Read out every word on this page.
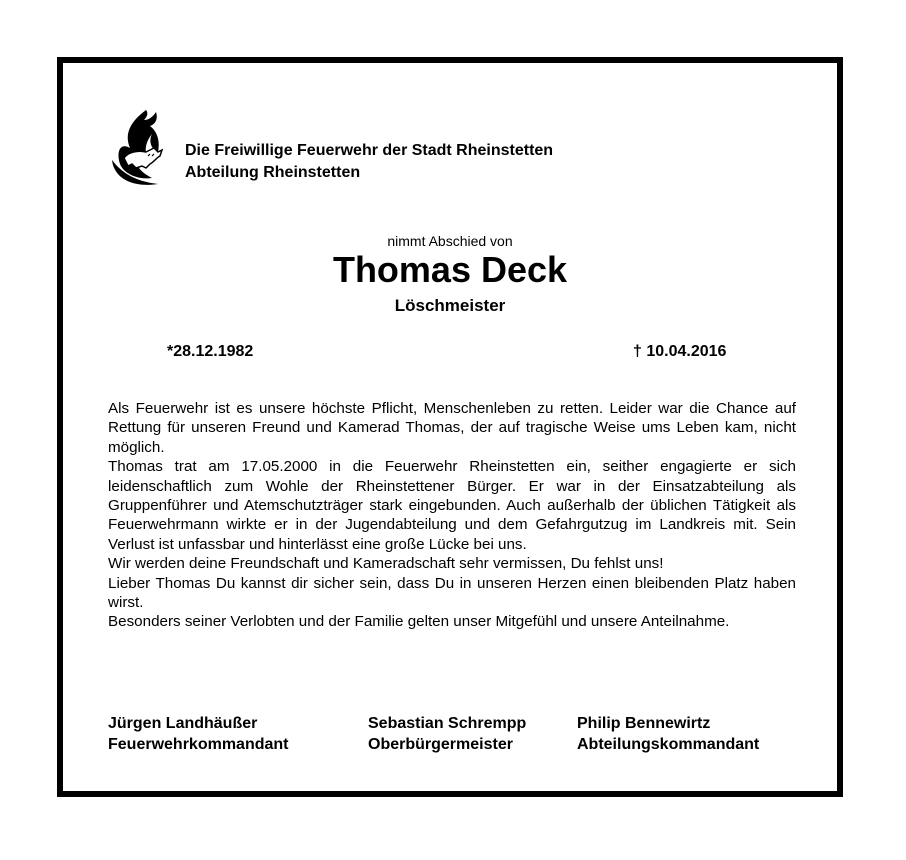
Die Freiwillige Feuerwehr der Stadt Rheinstetten
Abteilung Rheinstetten
nimmt Abschied von
Thomas Deck
Löschmeister
*28.12.1982	† 10.04.2016

Als Feuerwehr ist es unsere höchste Pflicht, Menschenleben zu retten. Leider war die Chance auf Rettung für unseren Freund und Kamerad Thomas, der auf tragische Weise ums Leben kam, nicht möglich.

Thomas trat am 17.05.2000 in die Feuerwehr Rheinstetten ein, seither engagierte er sich leidenschaftlich zum Wohle der Rheinstettener Bürger. Er war in der Einsatzabteilung als Gruppenführer und Atemschutzträger stark eingebunden. Auch außerhalb der üblichen Tätigkeit als Feuerwehrmann wirkte er in der Jugendabteilung und dem Gefahrgutzug im Landkreis mit. Sein Verlust ist unfassbar und hinterlässt eine große Lücke bei uns.

Wir werden deine Freundschaft und Kameradschaft sehr vermissen, Du fehlst uns!

Lieber Thomas Du kannst dir sicher sein, dass Du in unseren Herzen einen bleibenden Platz haben wirst.

Besonders seiner Verlobten und der Familie gelten unser Mitgefühl und unsere Anteilnahme.

Jürgen Landhäußer
Feuerwehrkommandant
Sebastian Schrempp
Oberbürgermeister
Philip Bennewirtz
Abteilungskommandant
